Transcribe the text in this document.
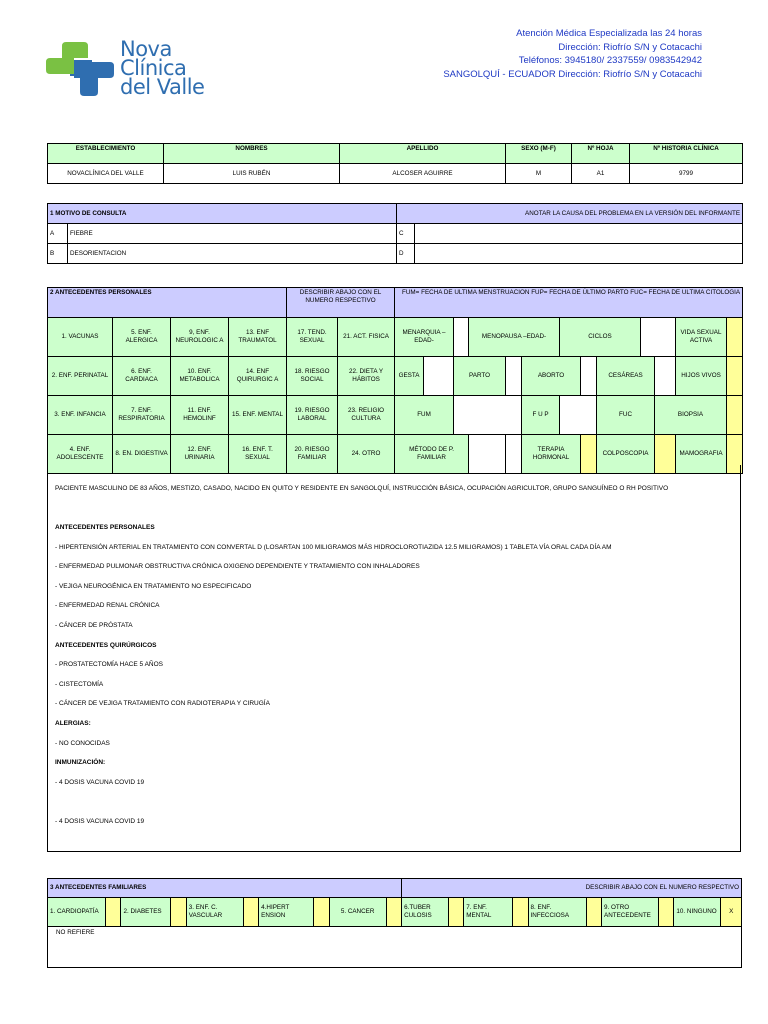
Nova
Clínica
del Valle
Atención Médica Especializada las 24 horas
Dirección: Riofrío S/N y Cotacachi
Teléfonos: 3945180/ 2337559/ 0983542942
SANGOLQUÍ - ECUADOR Dirección: Riofrío S/N y Cotacachi
ESTABLECIMIENTO	NOMBRES	APELLIDO	SEXO (M-F)	Nº HOJA	Nº HISTORIA CLÍNICA
NOVACLÍNICA DEL VALLE	LUIS RUBÉN	ALCOSER AGUIRRE	M	A1	9799
1 MOTIVO DE CONSULTA		ANOTAR LA CAUSA DEL PROBLEMA EN LA VERSIÓN DEL INFORMANTE	
A	FIEBRE	C	
B	DESORIENTACION	D	
2 ANTECEDENTES PERSONALES				DESCRIBIR ABAJO CON EL NUMERO RESPECTIVO		FUM= FECHA DE ULTIMA MENSTRUACION FUP= FECHA DE ÚLTIMO PARTO FUC= FECHA DE ULTIMA CITOLOGIA													
1. VACUNAS	5. ENF. ALERGICA	9, ENF. NEUROLOGIC A	13. ENF TRAUMATOL	17. TEND. SEXUAL	21. ACT. FISICA	MENARQUIA –EDAD-			MENOPAUSA –EDAD-			CICLOS					VIDA SEXUAL ACTIVA		
2. ENF. PERINATAL	6. ENF. CARDIACA	10. ENF. METABOLICA	14. ENF QUIRURGIC A	18. RIESGO SOCIAL	22. DIETA Y HÁBITOS	GESTA		PARTO			ABORTO			CESÁREAS			HIJOS VIVOS		
3. ENF. INFANCIA	7. ENF. RESPIRATORIA	11. ENF. HEMOLINF	15. ENF. MENTAL	19. RIESGO LABORAL	23. RELIGIO CULTURA	FUM					F U P			FUC		BIOPSIA			
4. ENF. ADOLESCENTE	8. EN. DIGESTIVA	12. ENF. URINARIA	16. ENF. T. SEXUAL	20. RIESGO FAMILIAR	24. OTRO	MÉTODO DE P. FAMILIAR					TERAPIA HORMONAL			COLPOSCOPIA			MAMOGRAFIA		

PACIENTE MASCULINO DE 83 AÑOS, MESTIZO, CASADO, NACIDO EN QUITO Y RESIDENTE EN SANGOLQUÍ, INSTRUCCIÓN BÁSICA, OCUPACIÓN AGRICULTOR, GRUPO SANGUÍNEO O RH POSITIVO

ANTECEDENTES PERSONALES

- HIPERTENSIÓN ARTERIAL EN TRATAMIENTO CON CONVERTAL D (LOSARTAN 100 MILIGRAMOS MÁS HIDROCLOROTIAZIDA 12.5 MILIGRAMOS) 1 TABLETA VÍA ORAL CADA DÍA AM

- ENFERMEDAD PULMONAR OBSTRUCTIVA CRÓNICA OXIGENO DEPENDIENTE Y TRATAMIENTO CON INHALADORES

- VEJIGA NEUROGÉNICA EN TRATAMIENTO NO ESPECIFICADO

- ENFERMEDAD RENAL CRÓNICA

- CÁNCER DE PRÓSTATA

ANTECEDENTES QUIRÚRGICOS

- PROSTATECTOMÍA HACE 5 AÑOS

- CISTECTOMÍA

- CÁNCER DE VEJIGA TRATAMIENTO CON RADIOTERAPIA Y CIRUGÍA

ALERGIAS:

- NO CONOCIDAS

INMUNIZACIÓN:

- 4 DOSIS VACUNA COVID 19

- 4 DOSIS VACUNA COVID 19

3 ANTECEDENTES FAMILIARES										DESCRIBIR ABAJO CON EL NUMERO RESPECTIVO									
1. CARDIOPATÍA		2. DIABETES		3. ENF. C. VASCULAR		4.HIPERT ENSION		5. CANCER		6.TUBER CULOSIS		7. ENF. MENTAL		8. ENF. INFECCIOSA		9. OTRO ANTECEDENTE		10. NINGUNO	X
NO REFIERE																			
